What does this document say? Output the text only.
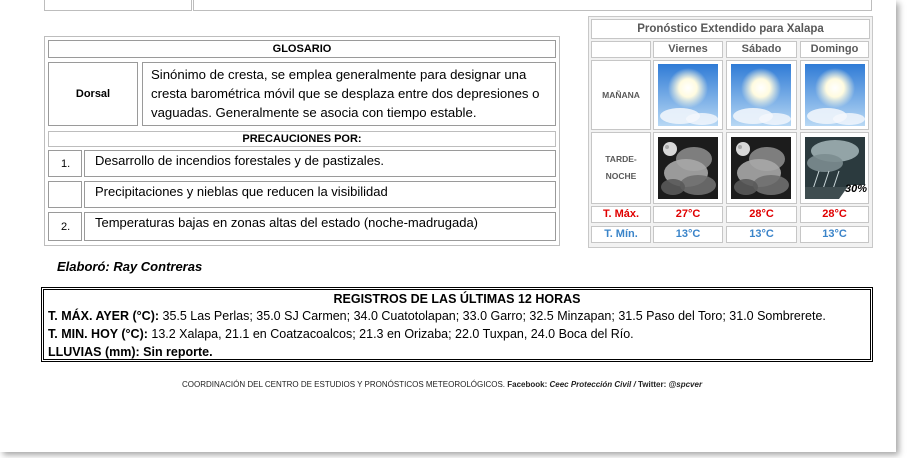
GLOSARIO
Dorsal
Sinónimo de cresta, se emplea generalmente para designar una cresta barométrica móvil que se desplaza entre dos depresiones o vaguadas. Generalmente se asocia con tiempo estable.
PRECAUCIONES POR:
1.	Desarrollo de incendios forestales y de pastizales.
Precipitaciones y nieblas que reducen la visibilidad
2.	Temperaturas bajas en zonas altas del estado (noche-madrugada)
Pronóstico Extendido para Xalapa
Viernes	Sábado	Domingo
MAÑANA
TARDE-
NOCHE
30%
T. Máx.	27°C	28°C	28°C
T. Mín.	13°C	13°C	13°C
Elaboró: Ray Contreras
REGISTROS DE LAS ÚLTIMAS 12 HORAS
T. MÁX. AYER (°C): 35.5 Las Perlas; 35.0 SJ Carmen; 34.0 Cuatotolapan; 33.0 Garro; 32.5 Minzapan; 31.5 Paso del Toro; 31.0 Sombrerete.
T. MIN. HOY (°C): 13.2 Xalapa, 21.1 en Coatzacoalcos; 21.3 en Orizaba; 22.0 Tuxpan, 24.0 Boca del Río.
LLUVIAS (mm): Sin reporte.
COORDINACIÓN DEL CENTRO DE ESTUDIOS Y PRONÓSTICOS METEOROLÓGICOS. Facebook: Ceec Protección Civil / Twitter: @spcver
